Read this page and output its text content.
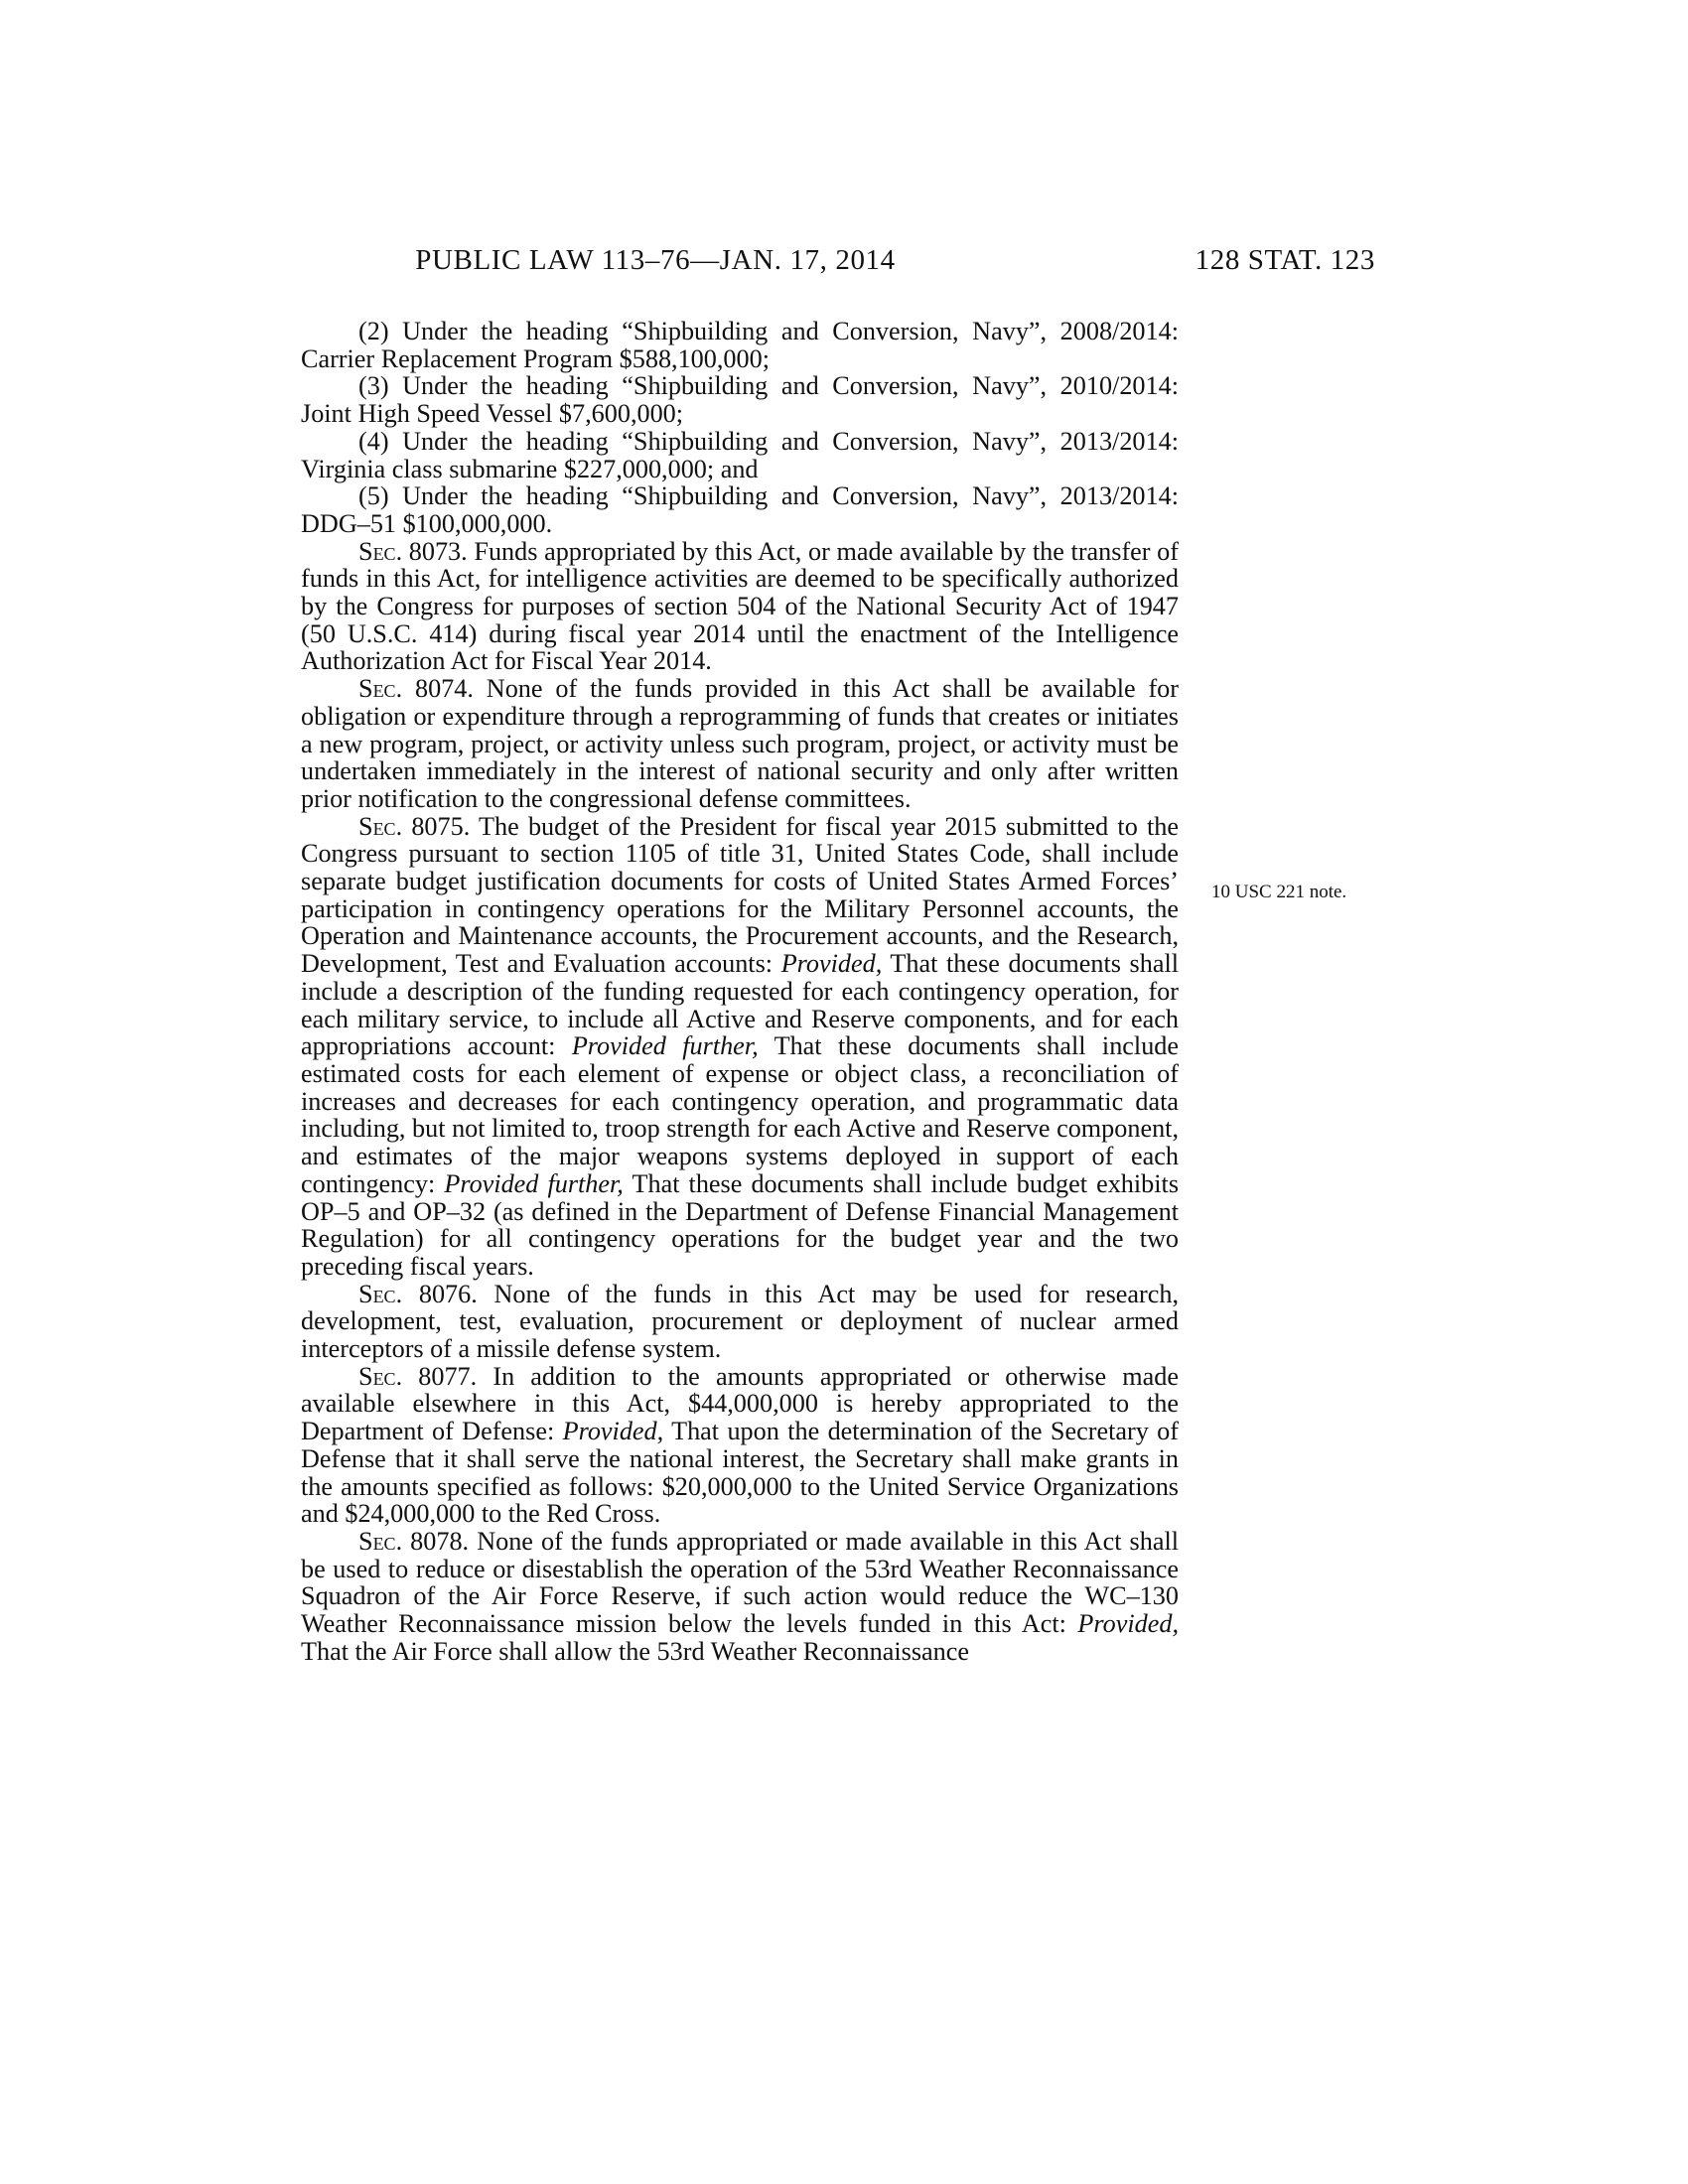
PUBLIC LAW 113–76—JAN. 17, 2014	128 STAT. 123
10 USC 221 note.

(2) Under the heading “Shipbuilding and Conversion, Navy”, 2008/2014: Carrier Replacement Program $588,100,000;

(3) Under the heading “Shipbuilding and Conversion, Navy”, 2010/2014: Joint High Speed Vessel $7,600,000;

(4) Under the heading “Shipbuilding and Conversion, Navy”, 2013/2014: Virginia class submarine $227,000,000; and

(5) Under the heading “Shipbuilding and Conversion, Navy”, 2013/2014: DDG–51 $100,000,000.

Sec. 8073. Funds appropriated by this Act, or made available by the transfer of funds in this Act, for intelligence activities are deemed to be specifically authorized by the Congress for purposes of section 504 of the National Security Act of 1947 (50 U.S.C. 414) during fiscal year 2014 until the enactment of the Intelligence Authorization Act for Fiscal Year 2014.

Sec. 8074. None of the funds provided in this Act shall be available for obligation or expenditure through a reprogramming of funds that creates or initiates a new program, project, or activity unless such program, project, or activity must be undertaken immediately in the interest of national security and only after written prior notification to the congressional defense committees.

Sec. 8075. The budget of the President for fiscal year 2015 submitted to the Congress pursuant to section 1105 of title 31, United States Code, shall include separate budget justification documents for costs of United States Armed Forces’ participation in contingency operations for the Military Personnel accounts, the Operation and Maintenance accounts, the Procurement accounts, and the Research, Development, Test and Evaluation accounts: Provided, That these documents shall include a description of the funding requested for each contingency operation, for each military service, to include all Active and Reserve components, and for each appropriations account: Provided further, That these documents shall include estimated costs for each element of expense or object class, a reconciliation of increases and decreases for each contingency operation, and programmatic data including, but not limited to, troop strength for each Active and Reserve component, and estimates of the major weapons systems deployed in support of each contingency: Provided further, That these documents shall include budget exhibits OP–5 and OP–32 (as defined in the Department of Defense Financial Management Regulation) for all contingency operations for the budget year and the two preceding fiscal years.

Sec. 8076. None of the funds in this Act may be used for research, development, test, evaluation, procurement or deployment of nuclear armed interceptors of a missile defense system.

Sec. 8077. In addition to the amounts appropriated or otherwise made available elsewhere in this Act, $44,000,000 is hereby appropriated to the Department of Defense: Provided, That upon the determination of the Secretary of Defense that it shall serve the national interest, the Secretary shall make grants in the amounts specified as follows: $20,000,000 to the United Service Organizations and $24,000,000 to the Red Cross.

Sec. 8078. None of the funds appropriated or made available in this Act shall be used to reduce or disestablish the operation of the 53rd Weather Reconnaissance Squadron of the Air Force Reserve, if such action would reduce the WC–130 Weather Reconnaissance mission below the levels funded in this Act: Provided, That the Air Force shall allow the 53rd Weather Reconnaissance
